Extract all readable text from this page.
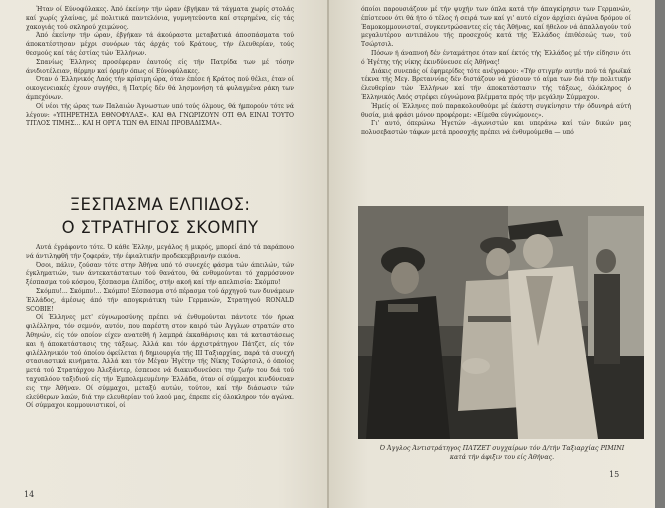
Ήταν οί Εύνοφύλακες. Άπό έκείνην τήν ώραν έβγήκαν τά τάγματα χωρίς στολάς καί χωρίς χλαίνας, μέ πολιτικά παντελόνια, γυμνητεύοντα καί στερημένα, είς τάς χακογιάς τού σκληρού χειμώνος.

Άπό έκείνην τήν ώραν, έβγήκαν τά άκούραστα μεταβατικά άποσπάσματα τού άποκατέστησαν μέχρι συνόρων τάς άρχάς τού Κράτους, τήν έλευθερίαν, τούς θεσμούς καί τάς έστίας τών Έλλήνων.

Σπανίως Έλληνες προσέφεραν έαυτούς είς τήν Πατρίδα των μέ τόσην άνιδιοτέλειαν, θέρμην καί όρμήν όπως οί Εύνοφύλακες.

Όταν ό Έλληνικός Λαός τήν κρίσιμη ώρα, όταν έπέσε ή Κράτος πού θέλει, έταν οί οικογενειακές έχουν συγήθει, ή Πατρίς δέν θά λησμονήση τά φυλαγμένα ράκη των άμπεχόνων.

Οί νέοι τής ώρας των Παλαιών Άγνωστων υπό τούς όλμους, θά ήμπορούν τότε νά λέγουν: «ΥΠΗΡΕΤΗΣΑ ΕΘΝΟΦΥΛΑΞ». ΚΑΙ ΘΑ ΓΝΩΡΙΖΟΥΝ ΟΤΙ ΘΑ ΕΙΝΑΙ ΤΟΥΤΟ ΤΙΤΛΟΣ ΤΙΜΗΣ... ΚΑΙ Η ΟΡΓΑ ΤΩΝ ΘΑ ΕΙΝΑΙ ΠΡΟΒΑΔΙΣΜΑ».

ΞΕΣΠΑΣΜΑ ΕΛΠΙΔΟΣ:
Ο ΣΤΡΑΤΗΓΟΣ ΣΚΟΜΠΥ

Αυτά έγράφοντο τότε. Ό κάθε Έλλην, μεγάλος ή μικρός, μπορεί άπό τά παράπονο νά άντιληφθή τήν ζοφεράν, τήν έφιαλτικήν προδεκεμβριανήν εικόνα.

Όσοι, πάλιν, ζούσαν τότε στην Άθήνα υπό τό συνεχές φάσμα τών άπειλών, τών έγκληματιών, των άντεκατάστατων τού θανάτου, θά ενθυμούνται τό χαρμόσυνον ξέσπασμα τού κόσμου, ξέσπασμα έλπίδος, στήν ακοή καί τήν απελπισία: Σκόμπυ!

Σκόμπυ!... Σκόμπυ!... Σκόμπυ! Ξέσπασμα στό πέρασμα τού άρχηγού των δυνάμεων Έλλάδος, άμέσως άπό τήν απογκριάτικη τών Γερμανών, Στρατηγού RONALD SCOBIE!

Οί Έλληνες μετ' εύγνωμοσύνης πρέπει νά ένθυμούνται πάντοτε τόν ήρωα φιλέλληνα, τόν σεμνόν, αυτόν, που παρέστη στον καιρό τών Άγγλων στρατών στο Άθηνών, είς τόν οποίον είχεν ανατεθή ή λαμπρά έκκαθάρισις και τά καταστάσεως και ή άποκατάστασις της τάξεως. Άλλά και τόν άρχιστράτηγον Πάτζετ, είς τόν φιλέλληνικόν τού όποίου όφείλεται ή δημιουργία τής ΙΙΙ Ταξιαρχίας, παρά τά συνεχή στασιαστικά κινήματα. Άλλά και τόν Μέγαν Ήγέτην τής Νίκης Τσώρτσιλ, ό όποίος μετά τού Στρατάρχου Άλεξάντερ, έσπευσε νά διακινδυνεύσει την ζωήν του διά τού ταχυπλόου ταξιδιού είς τήν Έμπολεμευμένην Έλλάδα, όταν οί σύμμαχοι κινδύνευαν εις την Άθήναν. Οί σύμμαχοι, μεταξύ αυτών, τούτον, καί τήν διάσωσιν τών ελεύθερων λαών, διά την ελευθερίαν τού λαού μας, έπρεπε είς όλοκληρον τόν αγώνα. Οί σύμμαχοι κομμουνιστικοί, οί

14

όποίοι παρουσιάζουν μέ τήν ψυχήν των όπλα κατά τήν άπαγκίρησιν των Γερμανών, έπίστευον ότι θά ήτο ό τέλος ή σειρά των καί γι' αυτό είχον άρχίσει άγώνα δρόμου οί Έαμοκομμουνισταί, συγκεντρώσαντες είς τάς Άθήνας, καί ήθελον νά άπαλλαγούν τού μεγαλυτέρου αντιπάλου τής προσεχούς κατά τής Έλλάδος έπιθέσεώς των, τού Τσώρτσιλ.

Πόσων ή άναπνοή δέν ένταμάτησε όταν καί έκτός τής Έλλάδος μέ τήν είδησιν ότι ό Ήγέτης τής νίκης έκινδύνευσε είς Άθήνας!

Διάκις συνεπάς οί έφημερίδες τότε ανέγραφον: «Τήν στιγμήν αυτήν πού τά ήρωϊκά τέκνα τής Μεγ. Βρεταννίας δέν διστάζουν νά χύσουν τό αίμα των διά τήν πολιτικήν έλευθερίαν τών Έλλήνων καί τήν άποκατάστασιν τής τάξεως, όλόκληρος ό Έλληνικός Λαός στρέφει εύγνώμονα βλέμματα πρός τήν μεγάλην Σύμμαχον.

Ήμείς οί Έλληνες πού παρακολουθούμε μέ έκάστη συγκίνησιν τήν όδυνηρά αύτή θυσία, μιά φράσι μόνον προφέρομε: «Είμεθα εύγνώμονες».

Γι' αυτό, όπερώνω Ήγετών -άγωνιστών και υπεράνω καί τών δικών μας πολυσεβαστών τάφων μετά προσοχής πρέπει νά ένθυμούμεθα — υπό

Ό Άγγλος Άντιστράτηγος ΠΑΤΖΕΤ συγχαίρων τόν Δ/τήν Ταξιαρχίας ΡΙΜΙΝΙ
κατά τήν άφιξιν του είς Άθήνας.
15
